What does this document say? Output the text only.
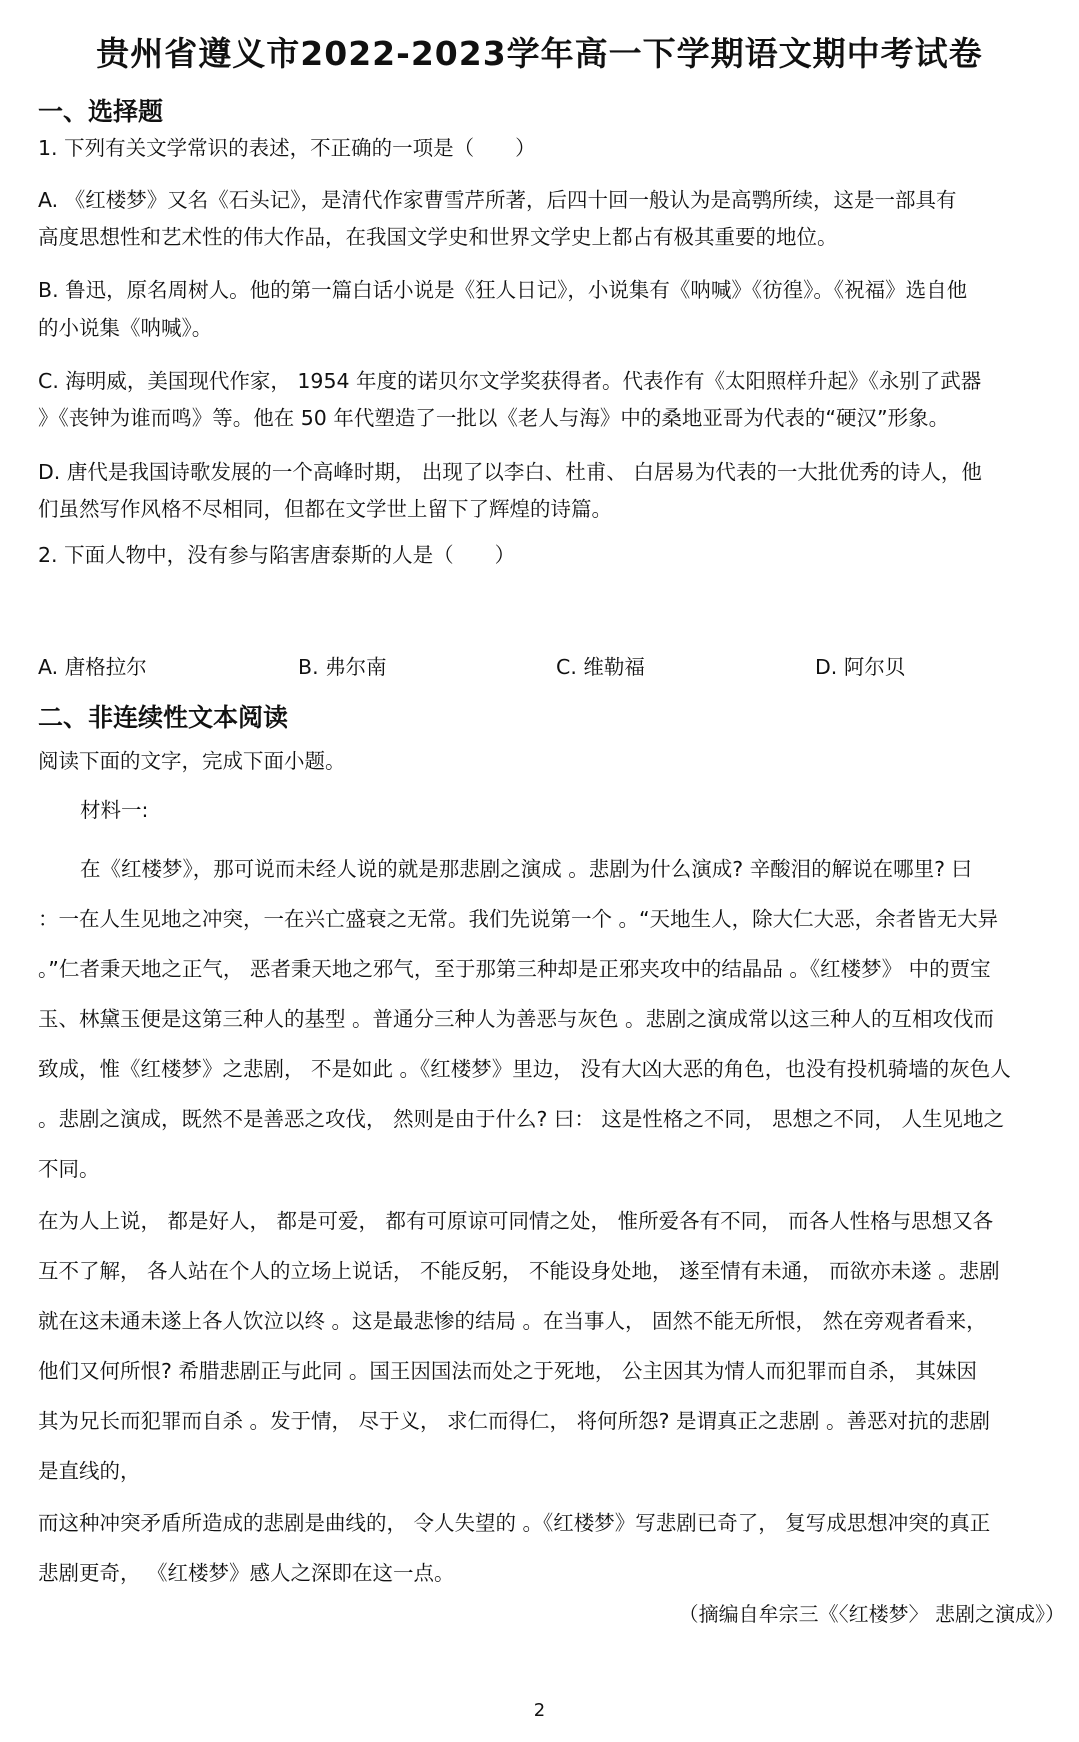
贵州省遵义市2022-2023学年高一下学期语文期中考试卷
一、选择题
1. 下列有关文学常识的表述，不正确的一项是（　　）
A. 《红楼梦》又名《石头记》，是清代作家曹雪芹所著，后四十回一般认为是高鹗所续，这是一部具有
高度思想性和艺术性的伟大作品，在我国文学史和世界文学史上都占有极其重要的地位。
B. 鲁迅，原名周树人。他的第一篇白话小说是《狂人日记》，小说集有《呐喊》《彷徨》。《祝福》选自他
的小说集《呐喊》。
C. 海明威，美国现代作家， 1954 年度的诺贝尔文学奖获得者。代表作有《太阳照样升起》《永别了武器
》《丧钟为谁而鸣》等。他在 50 年代塑造了一批以《老人与海》中的桑地亚哥为代表的“硬汉”形象。
D. 唐代是我国诗歌发展的一个高峰时期， 出现了以李白、杜甫、 白居易为代表的一大批优秀的诗人，他
们虽然写作风格不尽相同，但都在文学世上留下了辉煌的诗篇。
2. 下面人物中，没有参与陷害唐泰斯的人是（　　）
A. 唐格拉尔	B. 弗尔南	C. 维勒福	D. 阿尔贝
二、非连续性文本阅读
阅读下面的文字，完成下面小题。
材料一:

在《红楼梦》，那可说而未经人说的就是那悲剧之演成 。悲剧为什么演成? 辛酸泪的解说在哪里? 曰

：一在人生见地之冲突，一在兴亡盛衰之无常。我们先说第一个 。“天地生人，除大仁大恶，余者皆无大异

。”仁者秉天地之正气， 恶者秉天地之邪气，至于那第三种却是正邪夹攻中的结晶品 。《红楼梦》 中的贾宝

玉、林黛玉便是这第三种人的基型 。普通分三种人为善恶与灰色 。悲剧之演成常以这三种人的互相攻伐而

致成，惟《红楼梦》之悲剧， 不是如此 。《红楼梦》里边， 没有大凶大恶的角色，也没有投机骑墙的灰色人

。悲剧之演成，既然不是善恶之攻伐， 然则是由于什么? 曰： 这是性格之不同， 思想之不同， 人生见地之

不同。

在为人上说， 都是好人， 都是可爱， 都有可原谅可同情之处， 惟所爱各有不同， 而各人性格与思想又各

互不了解， 各人站在个人的立场上说话， 不能反躬， 不能设身处地， 遂至情有未通， 而欲亦未遂 。悲剧

就在这未通未遂上各人饮泣以终 。这是最悲惨的结局 。在当事人， 固然不能无所恨， 然在旁观者看来，

他们又何所恨? 希腊悲剧正与此同 。国王因国法而处之于死地， 公主因其为情人而犯罪而自杀， 其妹因

其为兄长而犯罪而自杀 。发于情， 尽于义， 求仁而得仁， 将何所怨? 是谓真正之悲剧 。善恶对抗的悲剧

是直线的，

而这种冲突矛盾所造成的悲剧是曲线的， 令人失望的 。《红楼梦》写悲剧已奇了， 复写成思想冲突的真正

悲剧更奇， 《红楼梦》感人之深即在这一点。

（摘编自牟宗三《〈红楼梦〉 悲剧之演成》）
2
